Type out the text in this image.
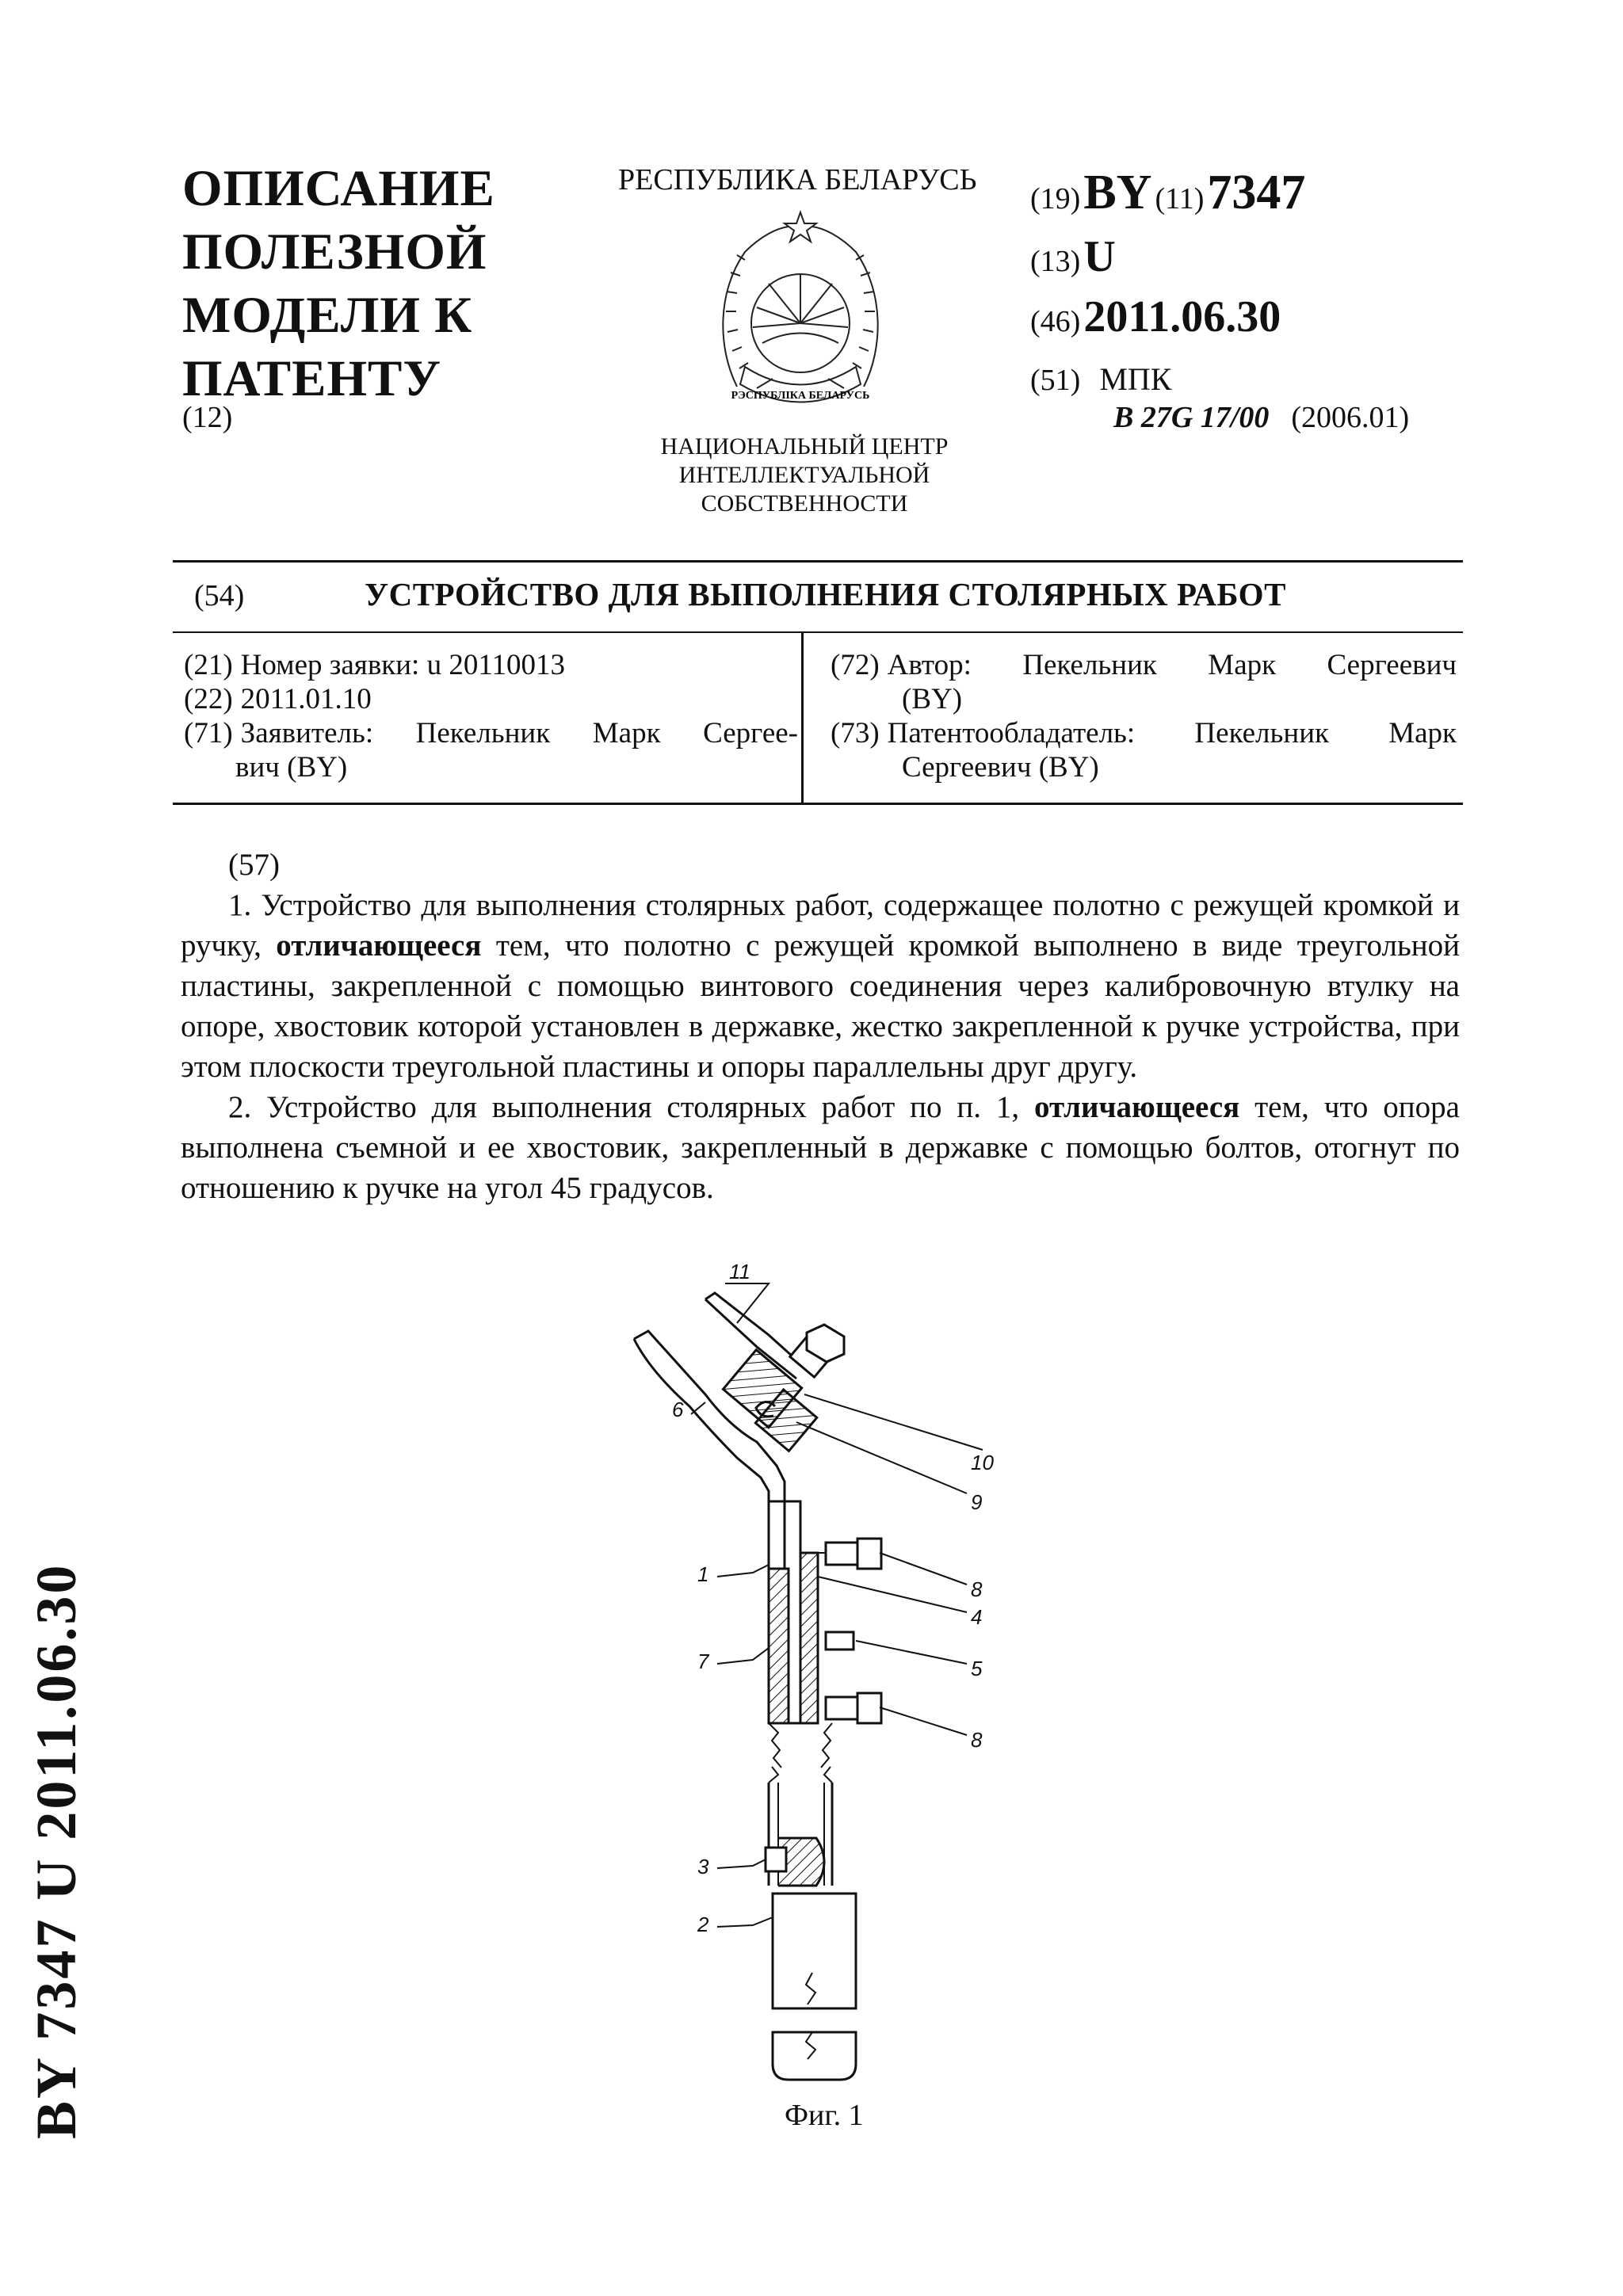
ОПИСАНИЕ
ПОЛЕЗНОЙ
МОДЕЛИ К
ПАТЕНТУ
(12)
РЕСПУБЛИКА БЕЛАРУСЬ
РЭСПУБЛІКА БЕЛАРУСЬ
НАЦИОНАЛЬНЫЙ ЦЕНТР
ИНТЕЛЛЕКТУАЛЬНОЙ
СОБСТВЕННОСТИ
(19) BY (11) 7347
(13) U
(46) 2011.06.30
(51) МПК
B 27G 17/00 (2006.01)
(54)	УСТРОЙСТВО ДЛЯ ВЫПОЛНЕНИЯ СТОЛЯРНЫХ РАБОТ
(21) Номер заявки: u 20110013
(22) 2011.01.10
(71) Заявитель: Пекельник Марк Сергее-
вич (BY)
(72) Автор: Пекельник Марк Сергеевич
(BY)
(73) Патентообладатель: Пекельник Марк
Сергеевич (BY)

(57)

1. Устройство для выполнения столярных работ, содержащее полотно с режущей кромкой и ручку, отличающееся тем, что полотно с режущей кромкой выполнено в виде треугольной пластины, закрепленной с помощью винтового соединения через калибровочную втулку на опоре, хвостовик которой установлен в державке, жестко закрепленной к ручке устройства, при этом плоскости треугольной пластины и опоры параллельны друг другу.

2. Устройство для выполнения столярных работ по п. 1, отличающееся тем, что опора выполнена съемной и ее хвостовик, закрепленный в державке с помощью болтов, отогнут по отношению к ручке на угол 45 градусов.

11
6
10
9
8
4
1
5
7
8
3
2
Фиг. 1
BY 7347 U 2011.06.30
